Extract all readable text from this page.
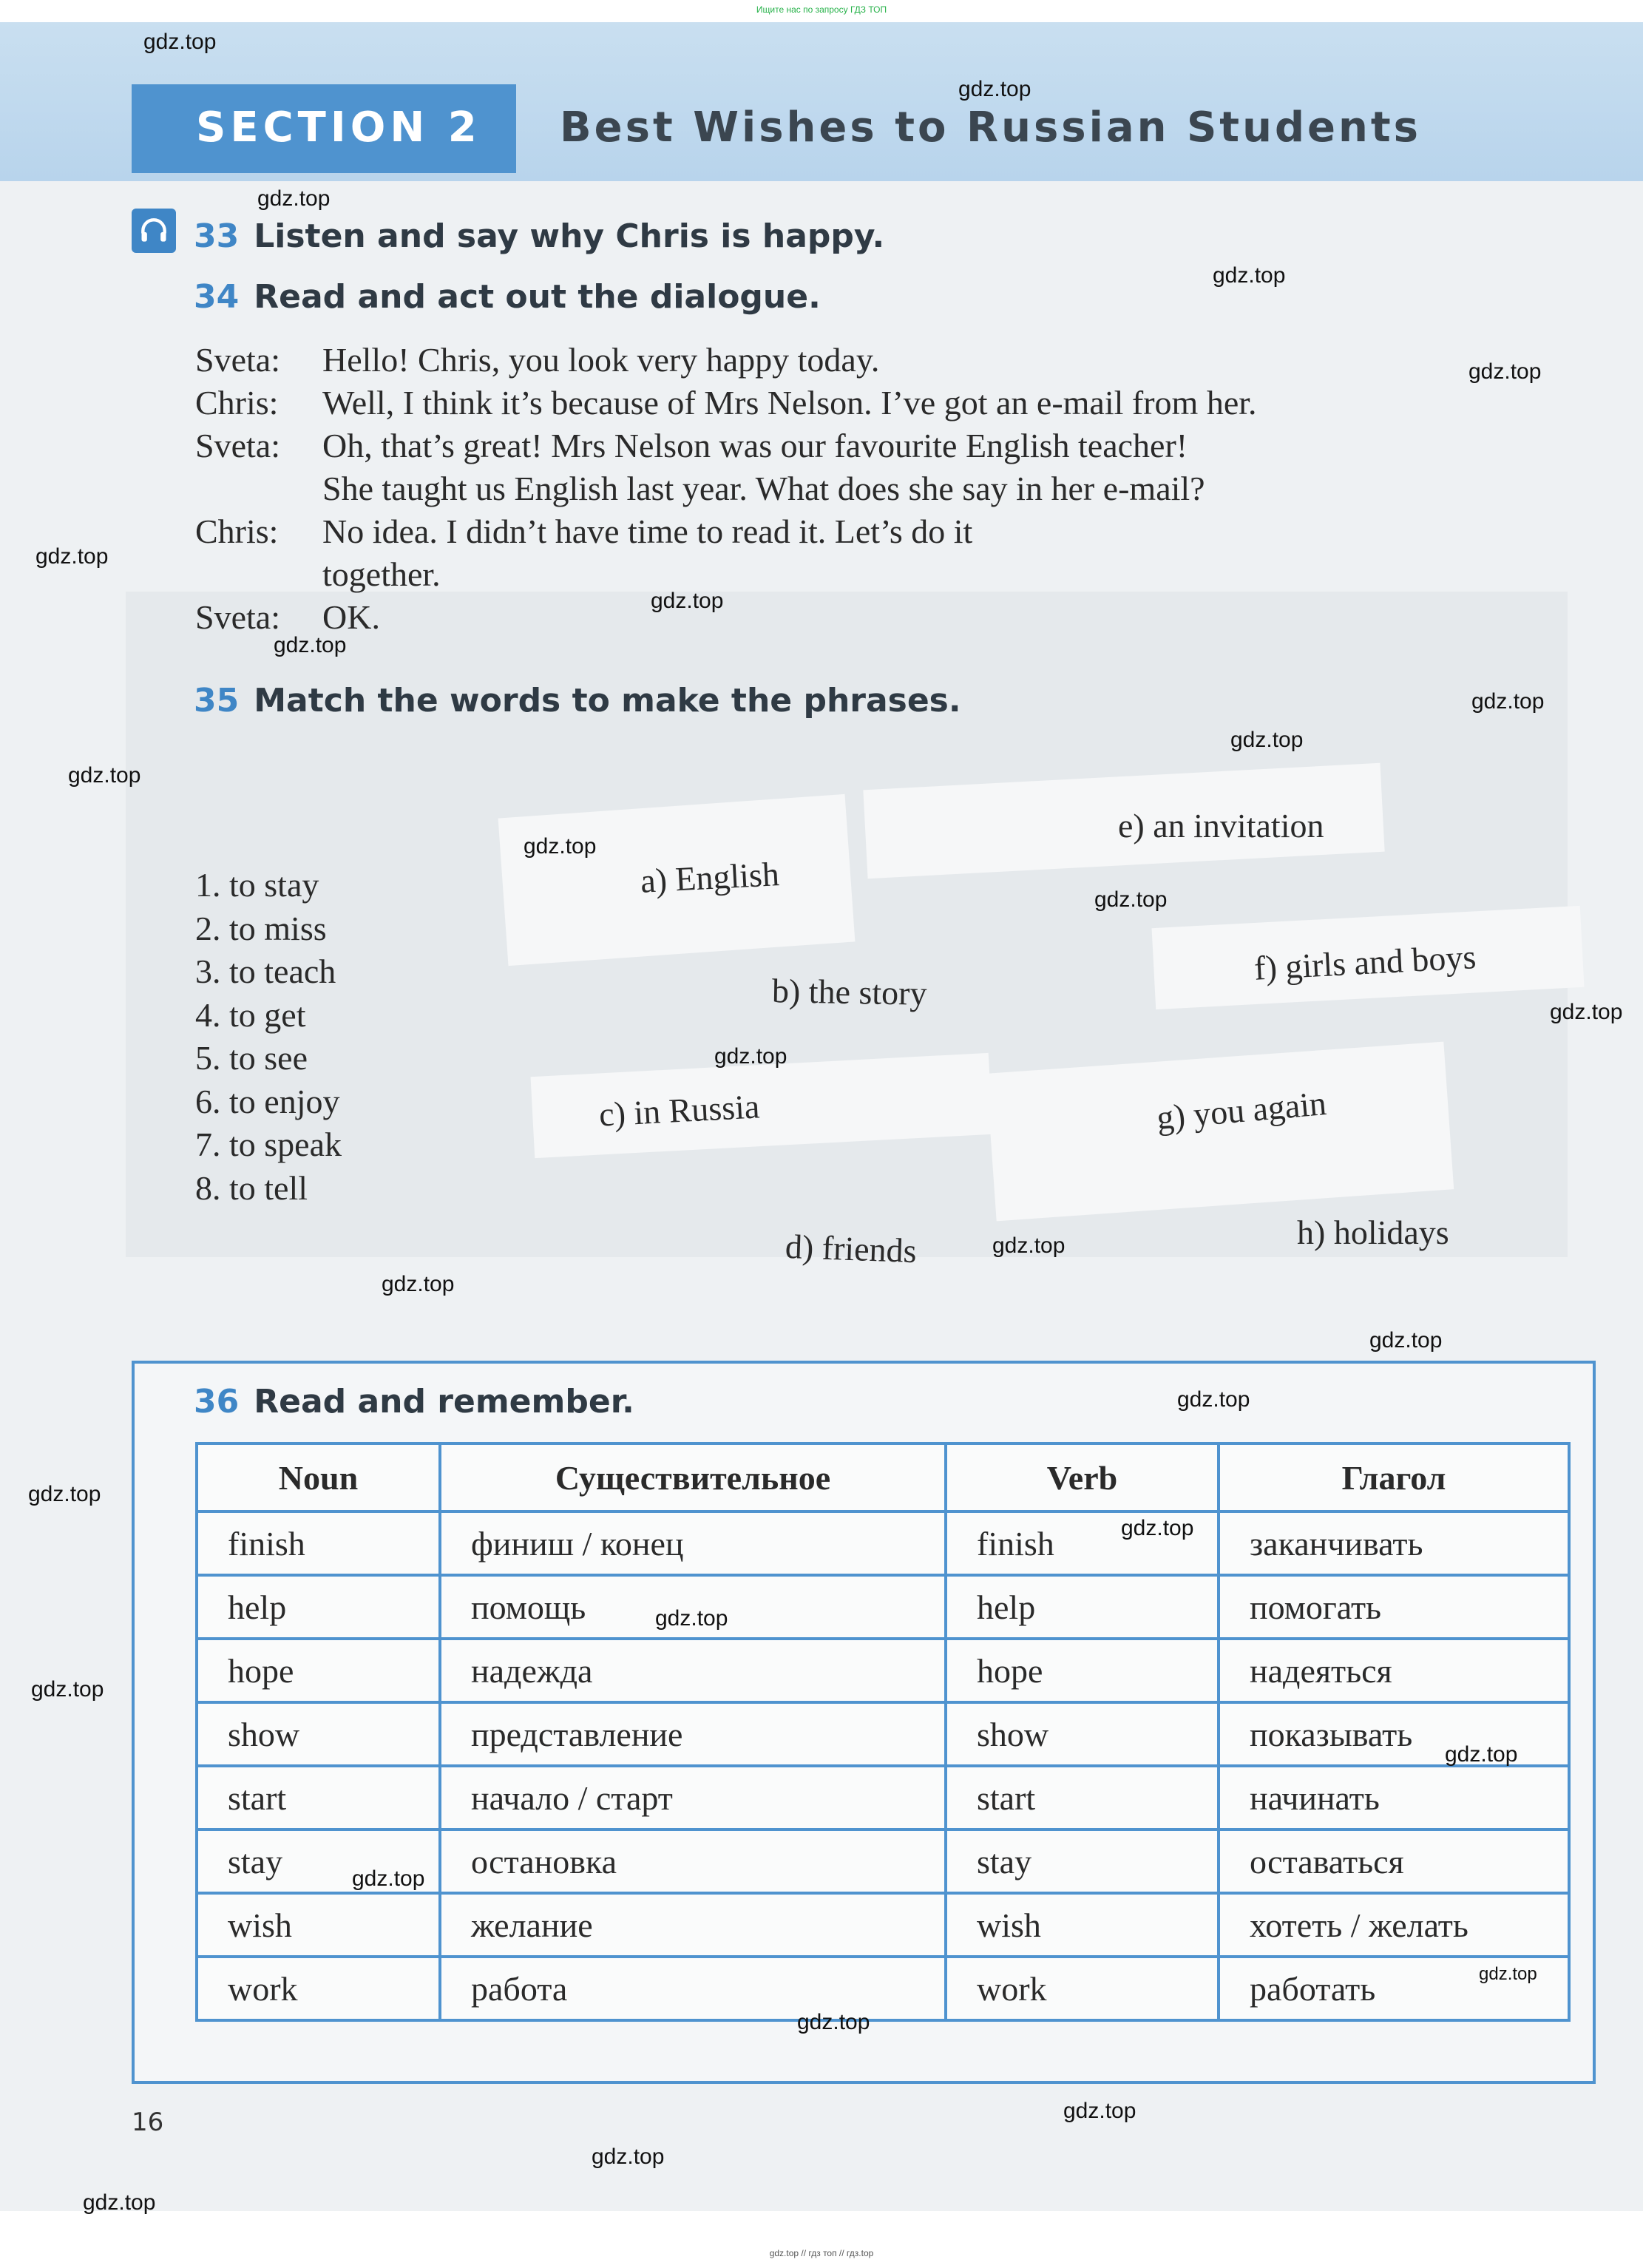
Ищите нас по запросу ГДЗ ТОП
SECTION 2 Best Wishes to Russian Students
33 Listen and say why Chris is happy.
34 Read and act out the dialogue.
Sveta: Hello! Chris, you look very happy today.
Chris: Well, I think it’s because of Mrs Nelson. I’ve got an e-mail from her.
Sveta: Oh, that’s great! Mrs Nelson was our favourite English teacher!
She taught us English last year. What does she say in her e-mail?
Chris: No idea. I didn’t have time to read it. Let’s do it
together.
Sveta: OK.
35 Match the words to make the phrases.
1. to stay
2. to miss
3. to teach
4. to get
5. to see
6. to enjoy
7. to speak
8. to tell
a) English
b) the story
c) in Russia
d) friends
e) an invitation
f) girls and boys
g) you again
h) holidays
36 Read and remember.
Noun	Существительное	Verb	Глагол
finish	финиш / конец	finish	заканчивать
help	помощь	help	помогать
hope	надежда	hope	надеяться
show	представление	show	показывать
start	начало / старт	start	начинать
stay	остановка	stay	оставаться
wish	желание	wish	хотеть / желать
work	работа	work	работать
16
gdz.top
gdz.top
gdz.top
gdz.top
gdz.top
gdz.top
gdz.top
gdz.top
gdz.top
gdz.top
gdz.top
gdz.top
gdz.top
gdz.top
gdz.top
gdz.top
gdz.top
gdz.top
gdz.top
gdz.top
gdz.top
gdz.top
gdz.top
gdz.top
gdz.top
gdz.top
gdz.top
gdz.top
gdz.top
gdz.top
gdz.top // гдз топ // гдз.top
